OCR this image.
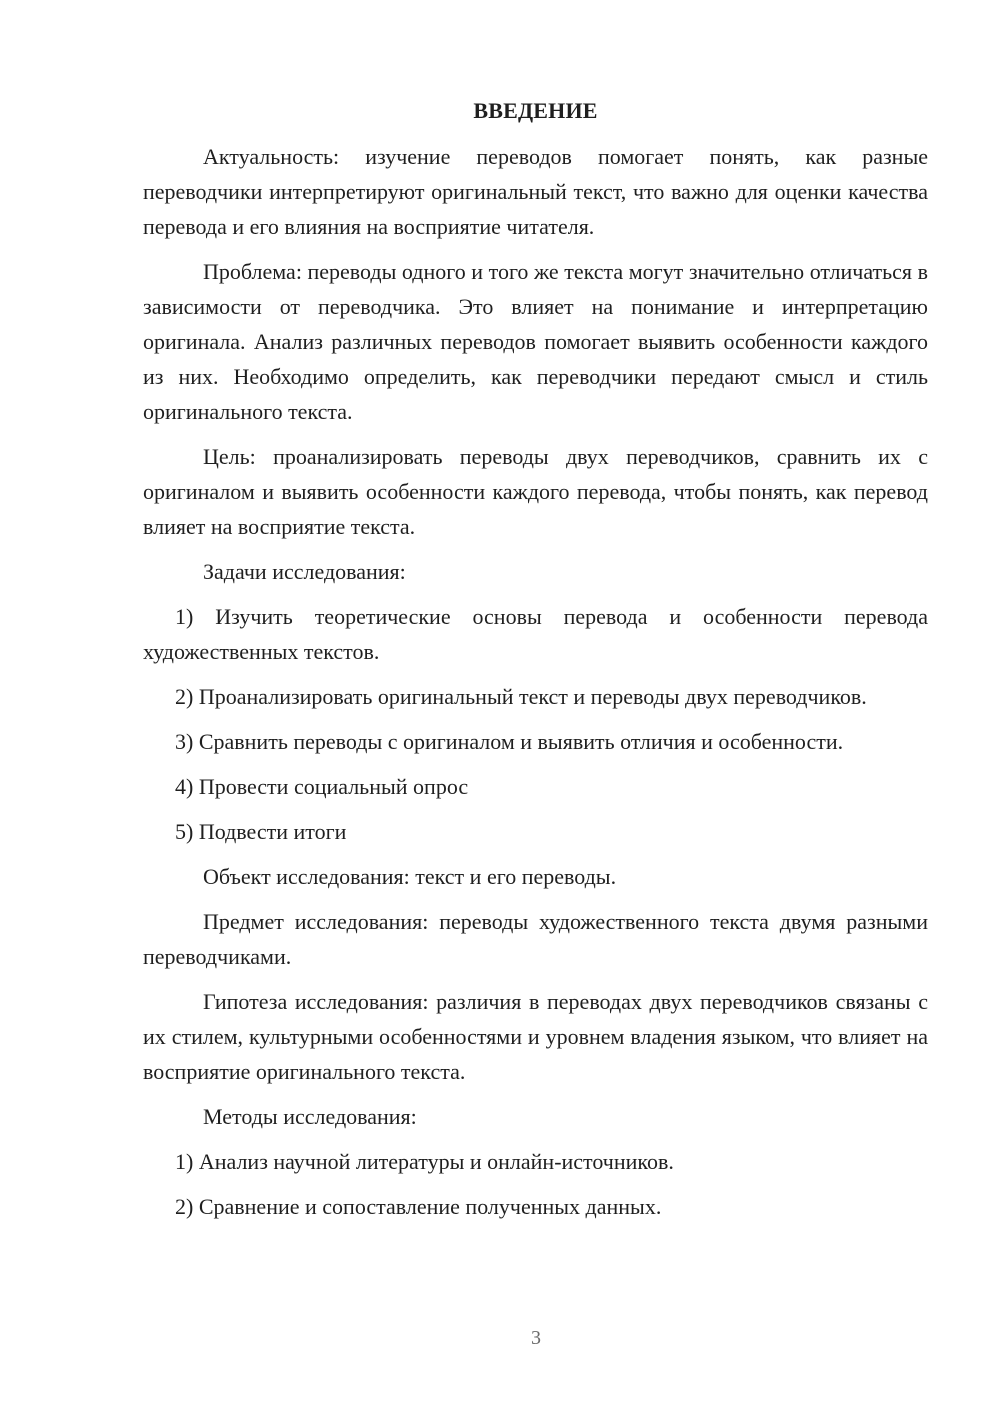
ВВЕДЕНИЕ

Актуальность: изучение переводов помогает понять, как разные переводчики интерпретируют оригинальный текст, что важно для оценки качества перевода и его влияния на восприятие читателя.

Проблема: переводы одного и того же текста могут значительно отличаться в зависимости от переводчика. Это влияет на понимание и интерпретацию оригинала. Анализ различных переводов помогает выявить особенности каждого из них. Необходимо определить, как переводчики передают смысл и стиль оригинального текста.

Цель: проанализировать переводы двух переводчиков, сравнить их с оригиналом и выявить особенности каждого перевода, чтобы понять, как перевод влияет на восприятие текста.

Задачи исследования:

1) Изучить теоретические основы перевода и особенности перевода художественных текстов.

2) Проанализировать оригинальный текст и переводы двух переводчиков.

3) Сравнить переводы с оригиналом и выявить отличия и особенности.

4) Провести социальный опрос

5) Подвести итоги

Объект исследования: текст и его переводы.

Предмет исследования: переводы художественного текста двумя разными переводчиками.

Гипотеза исследования: различия в переводах двух переводчиков связаны с их стилем, культурными особенностями и уровнем владения языком, что влияет на восприятие оригинального текста.

Методы исследования:

1) Анализ научной литературы и онлайн-источников.

2) Сравнение и сопоставление полученных данных.

3
